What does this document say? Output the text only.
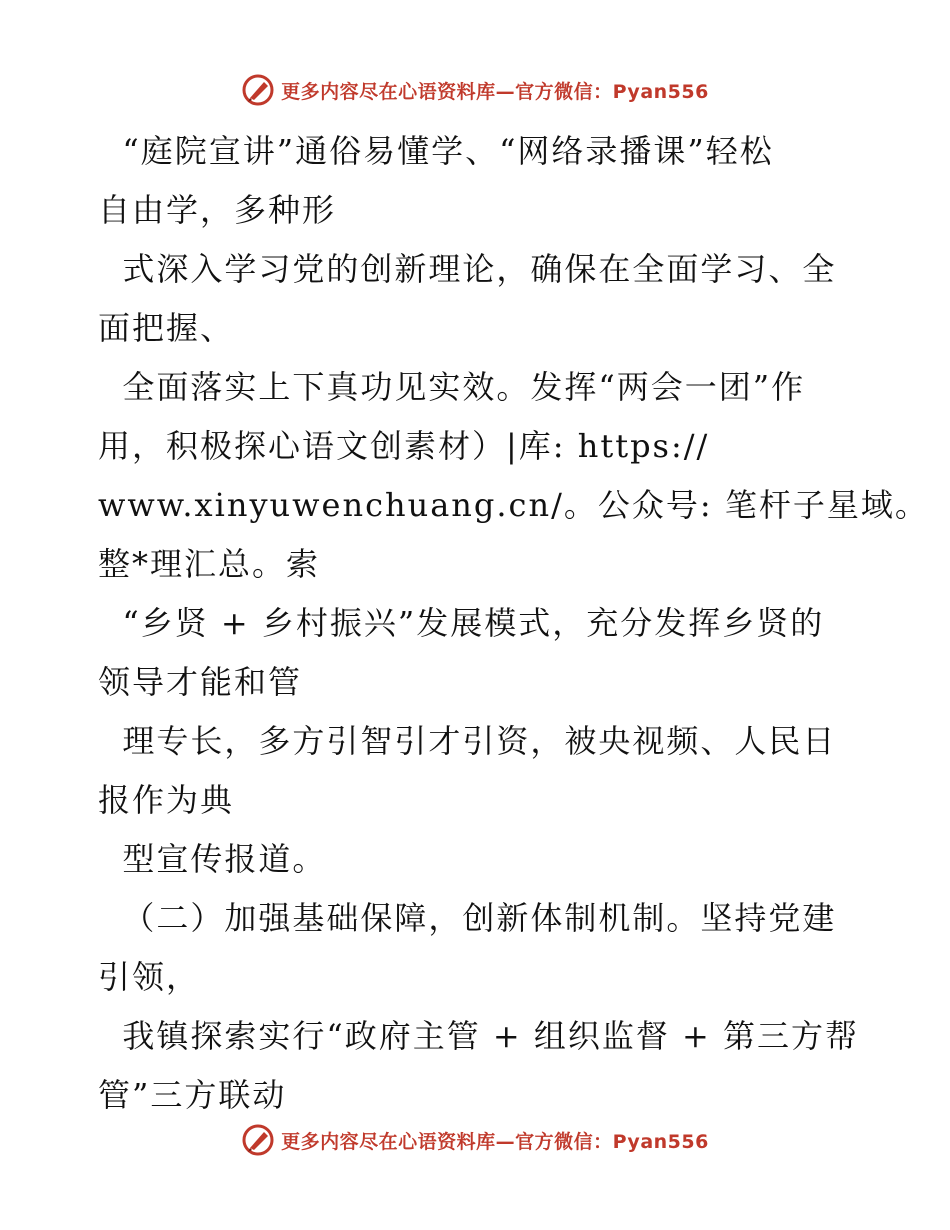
更多内容尽在心语资料库—官方微信：Pyan556
“庭院宣讲”通俗易懂学、“网络录播课”轻松
自由学，多种形
式深入学习党的创新理论，确保在全面学习、全
面把握、
全面落实上下真功见实效。发挥“两会一团”作
用，积极探心语文创素材）|库: https://
www.xinyuwenchuang.cn/。公众号: 笔杆子星域。
整*理汇总。索
“乡贤 + 乡村振兴”发展模式，充分发挥乡贤的
领导才能和管
理专长，多方引智引才引资，被央视频、人民日
报作为典
型宣传报道。
（二）加强基础保障，创新体制机制。坚持党建
引领，
我镇探索实行“政府主管 + 组织监督 + 第三方帮
管”三方联动
更多内容尽在心语资料库—官方微信：Pyan556
